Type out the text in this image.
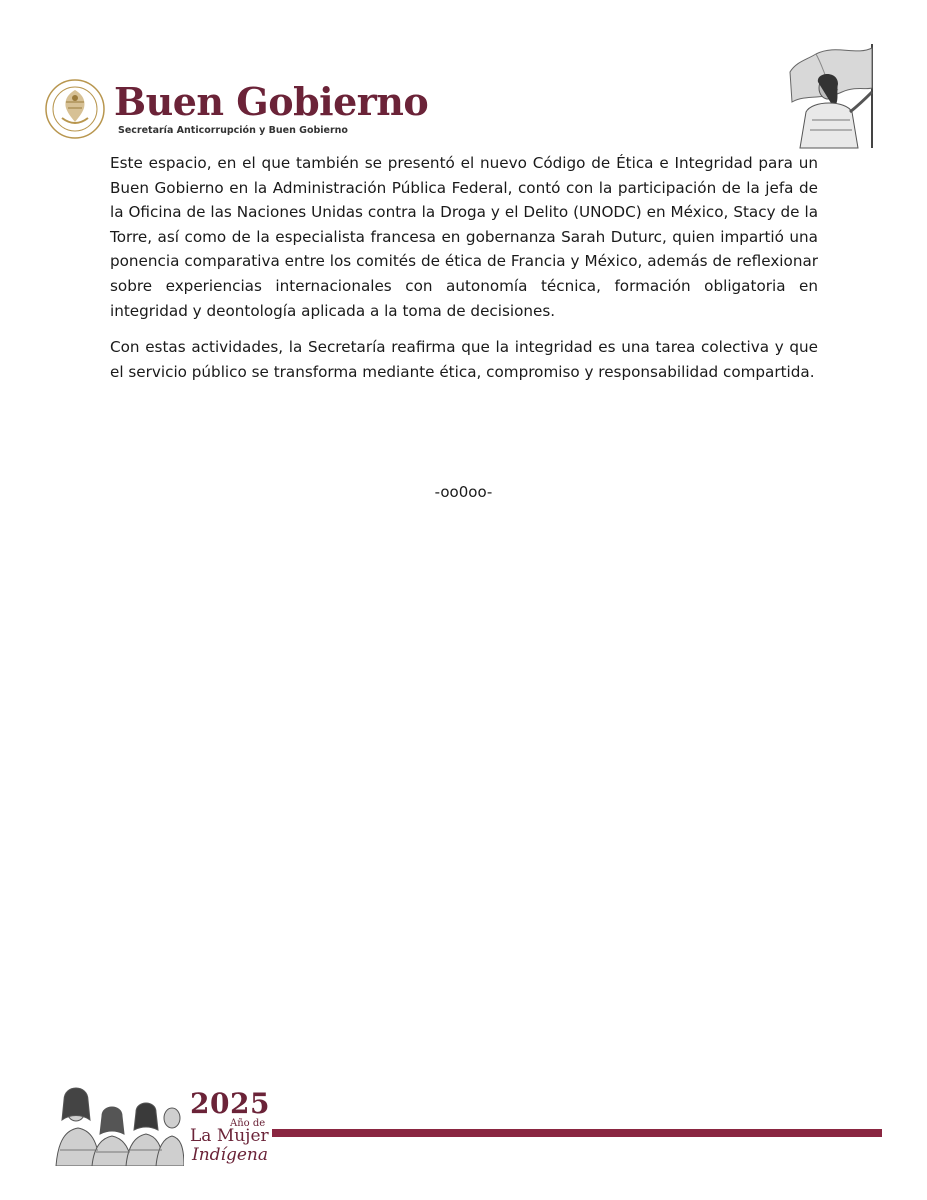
Buen Gobierno
Secretaría Anticorrupción y Buen Gobierno

Este espacio, en el que también se presentó el nuevo Código de Ética e Integridad para un Buen Gobierno en la Administración Pública Federal, contó con la participación de la jefa de la Oficina de las Naciones Unidas contra la Droga y el Delito (UNODC) en México, Stacy de la Torre, así como de la especialista francesa en gobernanza Sarah Duturc, quien impartió una ponencia comparativa entre los comités de ética de Francia y México, además de reflexionar sobre experiencias internacionales con autonomía técnica, formación obligatoria en integridad y deontología aplicada a la toma de decisiones.

Con estas actividades, la Secretaría reafirma que la integridad es una tarea colectiva y que el servicio público se transforma mediante ética, compromiso y responsabilidad compartida.

-oo0oo-
2025
Año de
La Mujer
Indígena
